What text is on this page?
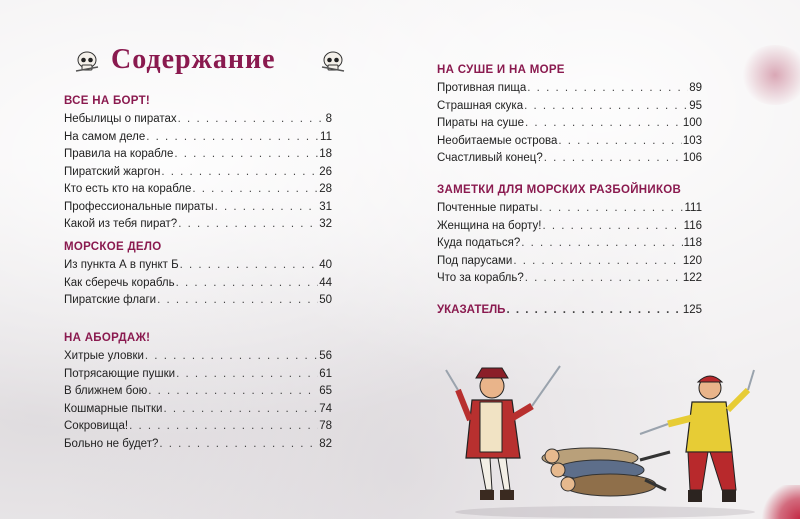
Содержание
ВСЕ НА БОРТ!
Небылицы о пиратах . . .	8
На самом деле . . .	11
Правила на корабле . . .	18
Пиратский жаргон . . .	26
Кто есть кто на корабле . . .	28
Профессиональные пираты . . .	31
Какой из тебя пират? . . .	32
МОРСКОЕ ДЕЛО
Из пункта А в пункт Б . . .	40
Как сберечь корабль . . .	44
Пиратские флаги . . .	50
НА АБОРДАЖ!
Хитрые уловки . . .	56
Потрясающие пушки . . .	61
В ближнем бою . . .	65
Кошмарные пытки . . .	74
Сокровища! . . .	78
Больно не будет? . . .	82
НА СУШЕ И НА МОРЕ
Противная пища . . .	89
Страшная скука . . .	95
Пираты на суше . . .	100
Необитаемые острова . . .	103
Счастливый конец? . . .	106
ЗАМЕТКИ ДЛЯ МОРСКИХ РАЗБОЙНИКОВ
Почтенные пираты . . .	111
Женщина на борту! . . .	116
Куда податься? . . .	118
Под парусами . . .	120
Что за корабль? . . .	122
УКАЗАТЕЛЬ . . .	125
